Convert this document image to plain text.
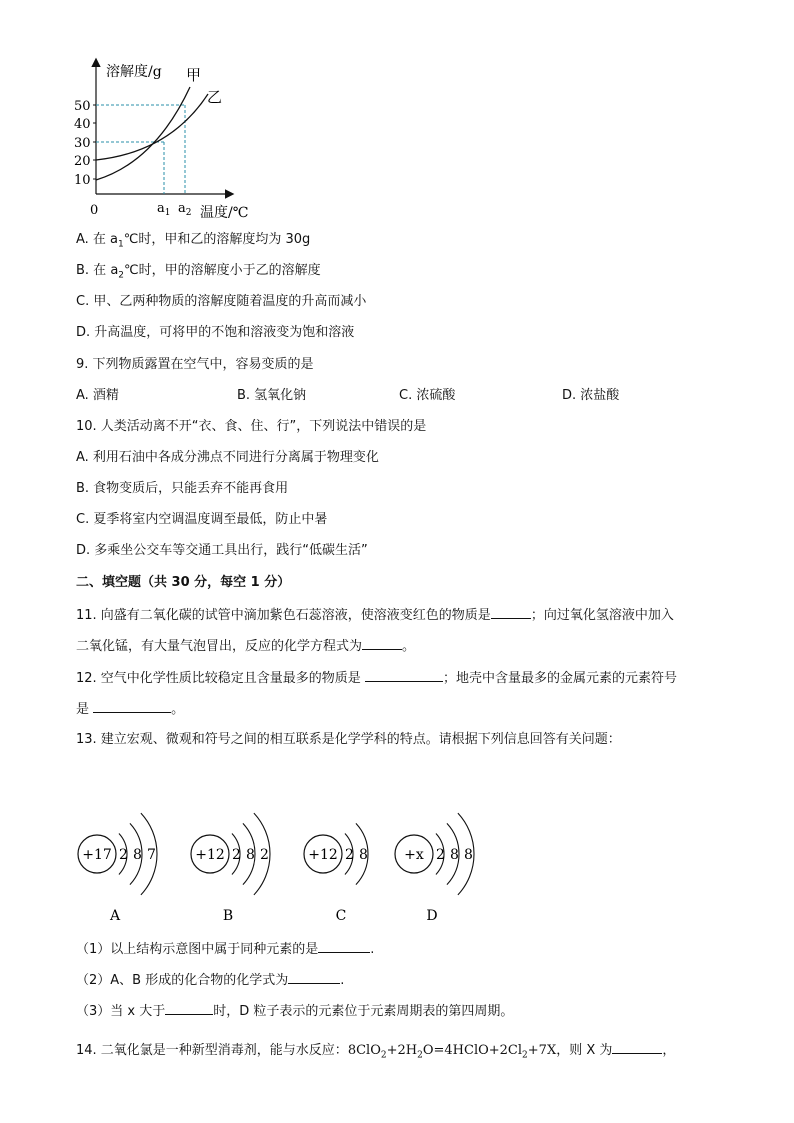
溶解度/g
温度/℃
0
50
40
30
20
10
甲
乙
$a_1$ $a_2$
A. 在 $a_1℃$时，甲和乙的溶解度均为 30g
B. 在 $a_2℃$时，甲的溶解度小于乙的溶解度
C. 甲、乙两种物质的溶解度随着温度的升高而减小
D. 升高温度，可将甲的不饱和溶液变为饱和溶液
9. 下列物质露置在空气中，容易变质的是
A. 酒精	B. 氢氧化钠	C. 浓硫酸	D. 浓盐酸
10. 人类活动离不开“衣、食、住、行”，下列说法中错误的是
A. 利用石油中各成分沸点不同进行分离属于物理变化
B. 食物变质后，只能丢弃不能再食用
C. 夏季将室内空调温度调至最低，防止中暑
D. 多乘坐公交车等交通工具出行，践行“低碳生活”
二、填空题（共 30 分，每空 1 分）
11. 向盛有二氧化碳的试管中滴加紫色石蕊溶液，使溶液变红色的物质是	；向过氧化氢溶液中加入
二氧化锰，有大量气泡冒出，反应的化学方程式为	。
12. 空气中化学性质比较稳定且含量最多的物质是	；地壳中含量最多的金属元素的元素符号
是	。
13. 建立宏观、微观和符号之间的相互联系是化学学科的特点。请根据下列信息回答有关问题：
+17 2 8 7
A
+12 2 8 2
B
+12 2 8
C
+x 2 8 8
D
（1）以上结构示意图中属于同种元素的是	.
（2）A、B 形成的化合物的化学式为	.
（3）当 x 大于	时，D 粒子表示的元素位于元素周期表的第四周期。
14. 二氧化氯是一种新型消毒剂，能与水反应：$8ClO_2+2H_2O=4HClO+2Cl_2+7X$，则 X 为	，
